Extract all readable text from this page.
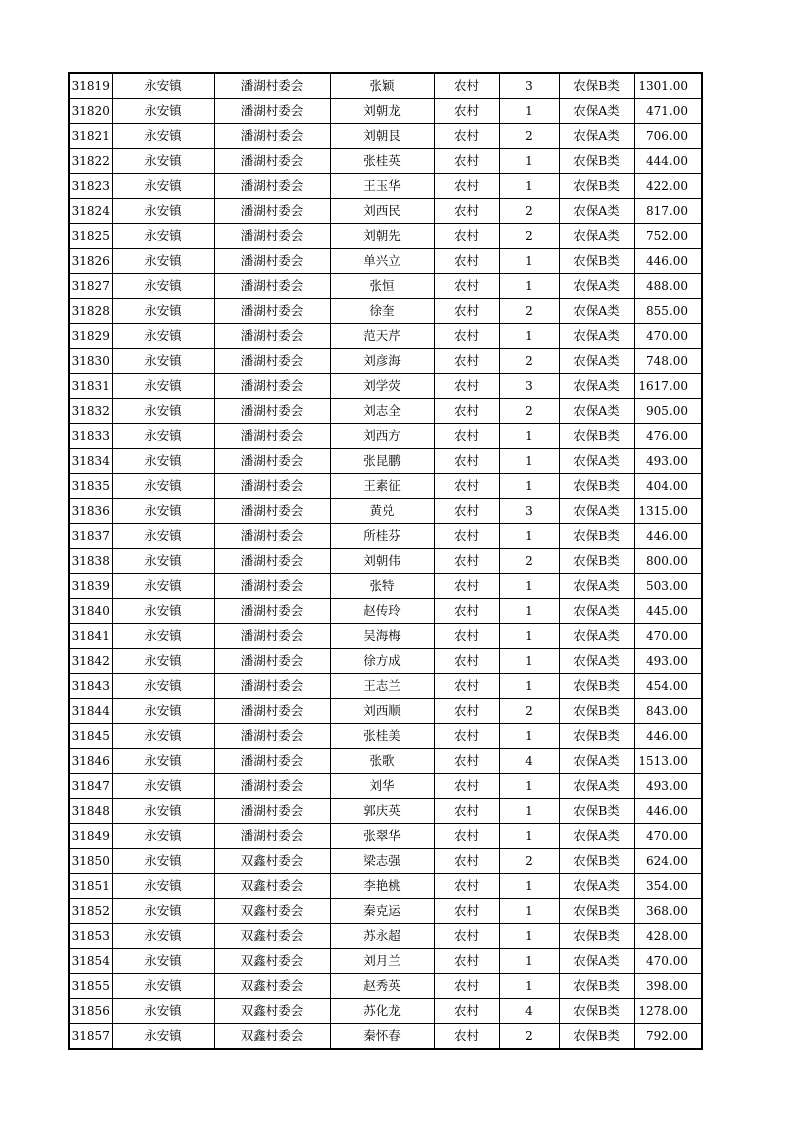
31819	永安镇	潘湖村委会	张颖	农村	3	农保B类	1301.00
31820	永安镇	潘湖村委会	刘朝龙	农村	1	农保A类	471.00
31821	永安镇	潘湖村委会	刘朝艮	农村	2	农保A类	706.00
31822	永安镇	潘湖村委会	张桂英	农村	1	农保B类	444.00
31823	永安镇	潘湖村委会	王玉华	农村	1	农保B类	422.00
31824	永安镇	潘湖村委会	刘西民	农村	2	农保A类	817.00
31825	永安镇	潘湖村委会	刘朝先	农村	2	农保A类	752.00
31826	永安镇	潘湖村委会	单兴立	农村	1	农保B类	446.00
31827	永安镇	潘湖村委会	张恒	农村	1	农保A类	488.00
31828	永安镇	潘湖村委会	徐奎	农村	2	农保A类	855.00
31829	永安镇	潘湖村委会	范天芹	农村	1	农保A类	470.00
31830	永安镇	潘湖村委会	刘彦海	农村	2	农保A类	748.00
31831	永安镇	潘湖村委会	刘学荧	农村	3	农保A类	1617.00
31832	永安镇	潘湖村委会	刘志全	农村	2	农保A类	905.00
31833	永安镇	潘湖村委会	刘西方	农村	1	农保B类	476.00
31834	永安镇	潘湖村委会	张昆鹏	农村	1	农保A类	493.00
31835	永安镇	潘湖村委会	王素征	农村	1	农保B类	404.00
31836	永安镇	潘湖村委会	黄兑	农村	3	农保A类	1315.00
31837	永安镇	潘湖村委会	所桂芬	农村	1	农保B类	446.00
31838	永安镇	潘湖村委会	刘朝伟	农村	2	农保B类	800.00
31839	永安镇	潘湖村委会	张特	农村	1	农保A类	503.00
31840	永安镇	潘湖村委会	赵传玲	农村	1	农保A类	445.00
31841	永安镇	潘湖村委会	吴海梅	农村	1	农保A类	470.00
31842	永安镇	潘湖村委会	徐方成	农村	1	农保A类	493.00
31843	永安镇	潘湖村委会	王志兰	农村	1	农保B类	454.00
31844	永安镇	潘湖村委会	刘西顺	农村	2	农保B类	843.00
31845	永安镇	潘湖村委会	张桂美	农村	1	农保B类	446.00
31846	永安镇	潘湖村委会	张歌	农村	4	农保A类	1513.00
31847	永安镇	潘湖村委会	刘华	农村	1	农保A类	493.00
31848	永安镇	潘湖村委会	郭庆英	农村	1	农保B类	446.00
31849	永安镇	潘湖村委会	张翠华	农村	1	农保A类	470.00
31850	永安镇	双鑫村委会	梁志强	农村	2	农保B类	624.00
31851	永安镇	双鑫村委会	李艳桃	农村	1	农保A类	354.00
31852	永安镇	双鑫村委会	秦克运	农村	1	农保B类	368.00
31853	永安镇	双鑫村委会	苏永超	农村	1	农保B类	428.00
31854	永安镇	双鑫村委会	刘月兰	农村	1	农保A类	470.00
31855	永安镇	双鑫村委会	赵秀英	农村	1	农保B类	398.00
31856	永安镇	双鑫村委会	苏化龙	农村	4	农保B类	1278.00
31857	永安镇	双鑫村委会	秦怀春	农村	2	农保B类	792.00
